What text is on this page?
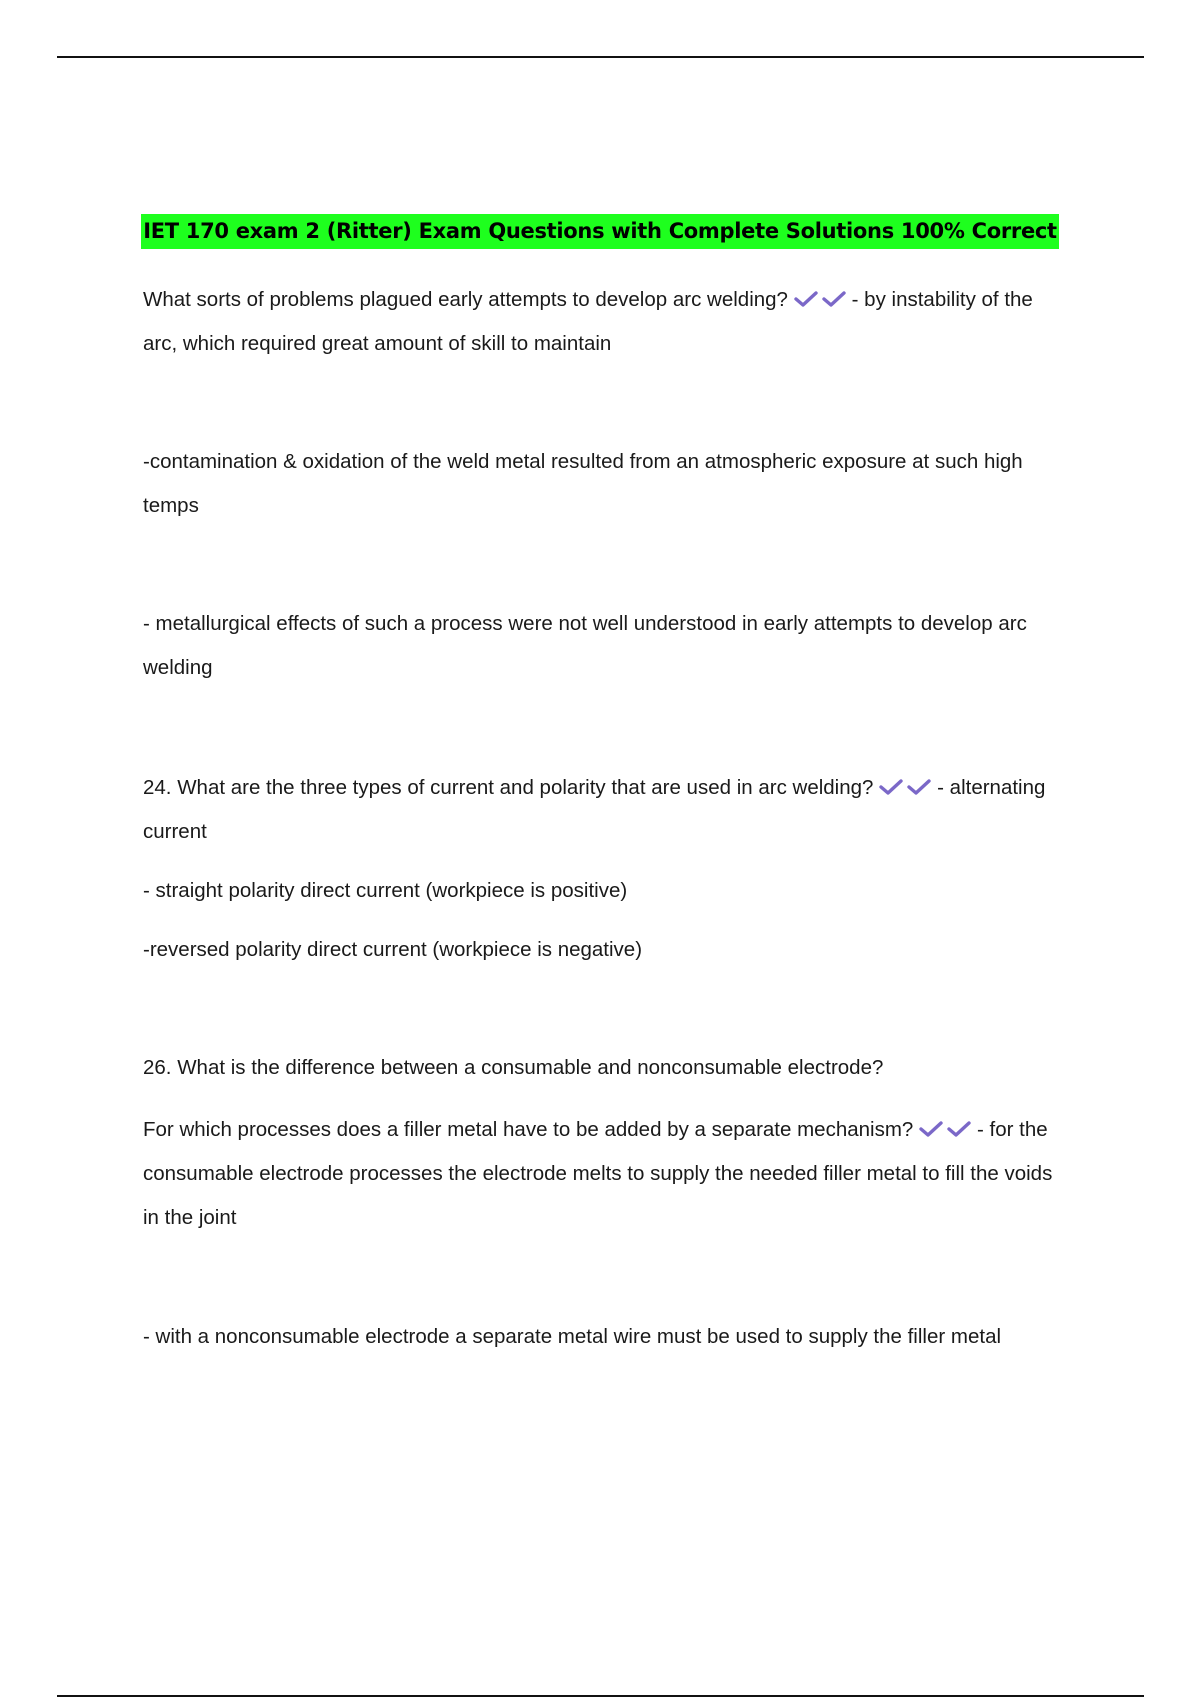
IET 170 exam 2 (Ritter) Exam Questions with Complete Solutions 100% Correct

What sorts of problems plagued early attempts to develop arc welding?	- by instability of the arc, which required great amount of skill to maintain

-contamination & oxidation of the weld metal resulted from an atmospheric exposure at such high temps

- metallurgical effects of such a process were not well understood in early attempts to develop arc welding

24. What are the three types of current and polarity that are used in arc welding?	- alternating current

- straight polarity direct current (workpiece is positive)

-reversed polarity direct current (workpiece is negative)

26. What is the difference between a consumable and nonconsumable electrode?

For which processes does a filler metal have to be added by a separate mechanism?	- for the consumable electrode processes the electrode melts to supply the needed filler metal to fill the voids in the joint

- with a nonconsumable electrode a separate metal wire must be used to supply the filler metal
